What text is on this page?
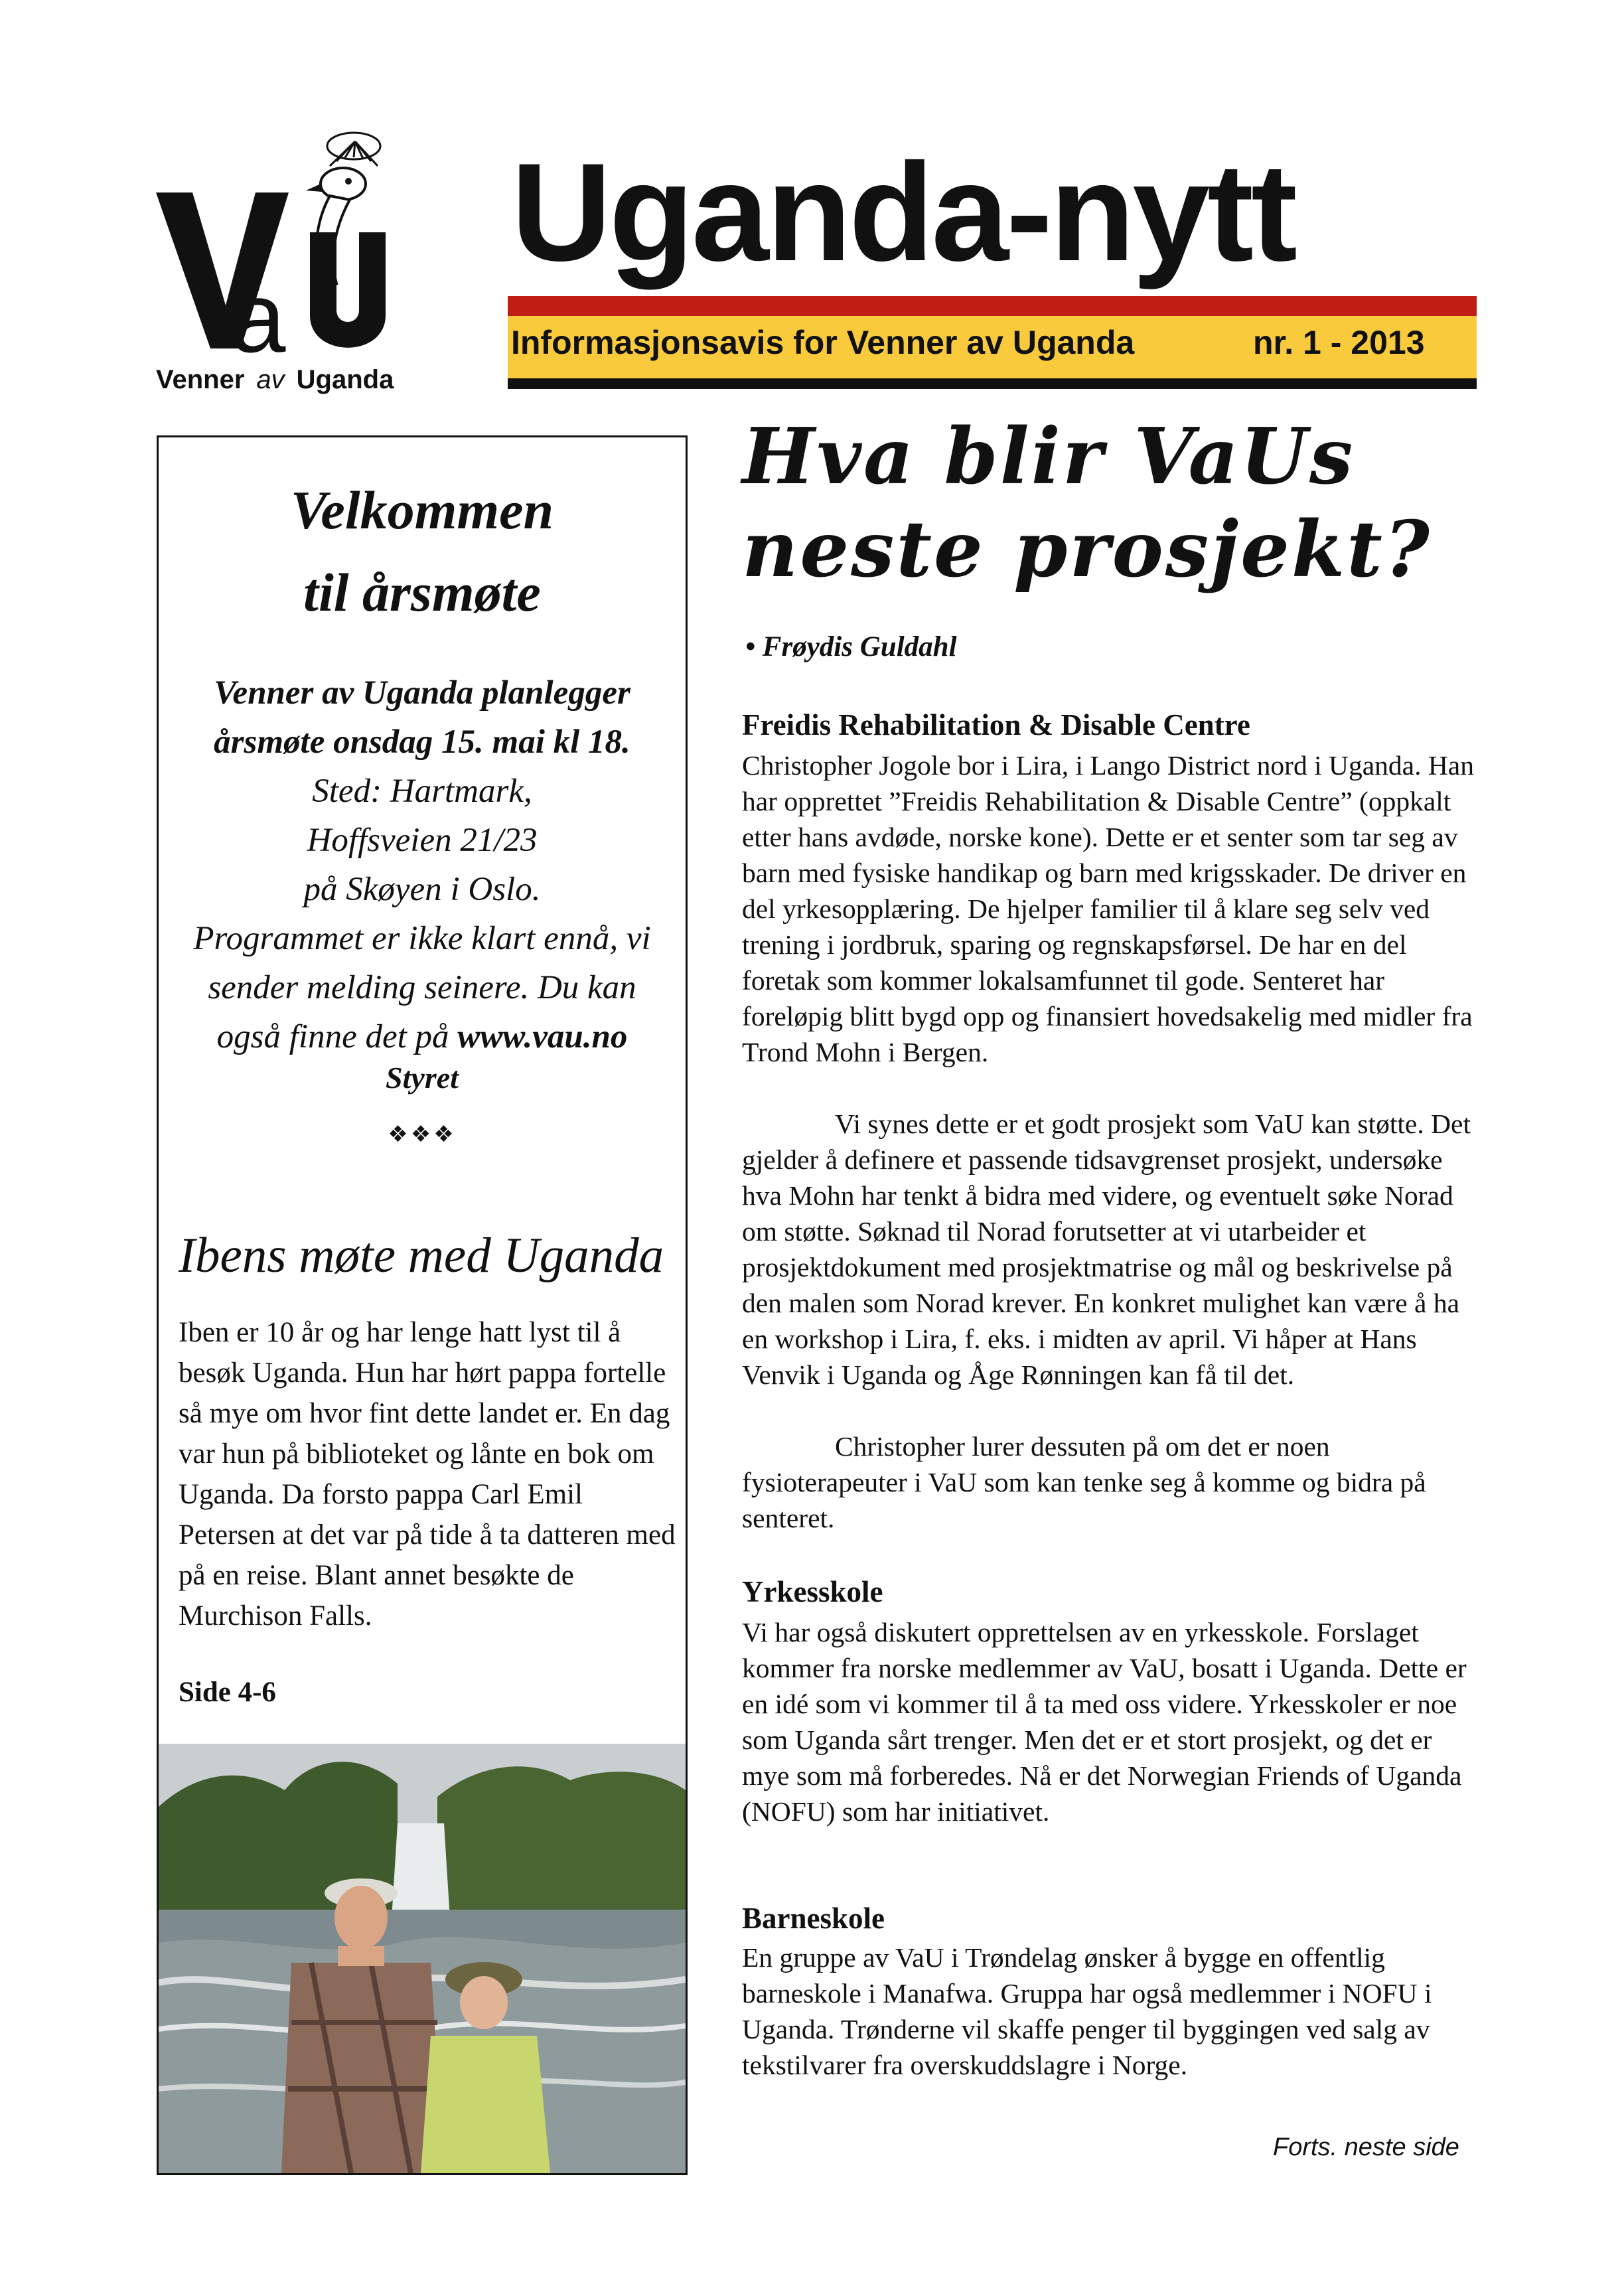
a
Venner av Uganda
Uganda-nytt
Informasjonsavis for Venner av Uganda	nr. 1 - 2013
Velkommen
til årsmøte
Venner av Uganda planlegger
årsmøte onsdag 15. mai kl 18.
Sted: Hartmark,
Hoffsveien 21/23
på Skøyen i Oslo.
Programmet er ikke klart ennå, vi
sender melding seinere. Du kan
også finne det på www.vau.no
Styret
❖❖❖
Ibens møte med Uganda
Iben er 10 år og har lenge hatt lyst til å besøk Uganda. Hun har hørt pappa fortelle så mye om hvor fint dette landet er. En dag var hun på biblioteket og lånte en bok om Uganda. Da forsto pappa Carl Emil Petersen at det var på tide å ta datteren med på en reise. Blant annet besøkte de Murchison Falls.
Side 4-6
Hva blir VaUs
neste prosjekt?
• Frøydis Guldahl
Freidis Rehabilitation & Disable Centre

Christopher Jogole bor i Lira, i Lango District nord i Uganda. Han har opprettet ”Freidis Rehabilitation & Disable Centre” (oppkalt etter hans avdøde, norske kone). Dette er et senter som tar seg av barn med fysiske handikap og barn med krigsskader. De driver en del yrkesopplæring. De hjelper familier til å klare seg selv ved trening i jordbruk, sparing og regnskapsførsel. De har en del foretak som kommer lokalsamfunnet til gode. Senteret har foreløpig blitt bygd opp og finansiert hovedsakelig med midler fra Trond Mohn i Bergen.

Vi synes dette er et godt prosjekt som VaU kan støtte. Det gjelder å definere et passende tidsavgrenset prosjekt, undersøke hva Mohn har tenkt å bidra med videre, og eventuelt søke Norad om støtte. Søknad til Norad forutsetter at vi utarbeider et prosjektdokument med prosjektmatrise og mål og beskrivelse på den malen som Norad krever. En konkret mulighet kan være å ha en workshop i Lira, f. eks. i midten av april. Vi håper at Hans Venvik i Uganda og Åge Rønningen kan få til det.

Christopher lurer dessuten på om det er noen fysioterapeuter i VaU som kan tenke seg å komme og bidra på senteret.

Yrkesskole

Vi har også diskutert opprettelsen av en yrkesskole. Forslaget kommer fra norske medlemmer av VaU, bosatt i Uganda. Dette er en idé som vi kommer til å ta med oss videre. Yrkesskoler er noe som Uganda sårt trenger. Men det er et stort prosjekt, og det er mye som må forberedes. Nå er det Norwegian Friends of Uganda (NOFU) som har initiativet.

Barneskole

En gruppe av VaU i Trøndelag ønsker å bygge en offentlig barneskole i Manafwa. Gruppa har også medlemmer i NOFU i Uganda. Trønderne vil skaffe penger til byggingen ved salg av tekstilvarer fra overskuddslagre i Norge.

Forts. neste side
